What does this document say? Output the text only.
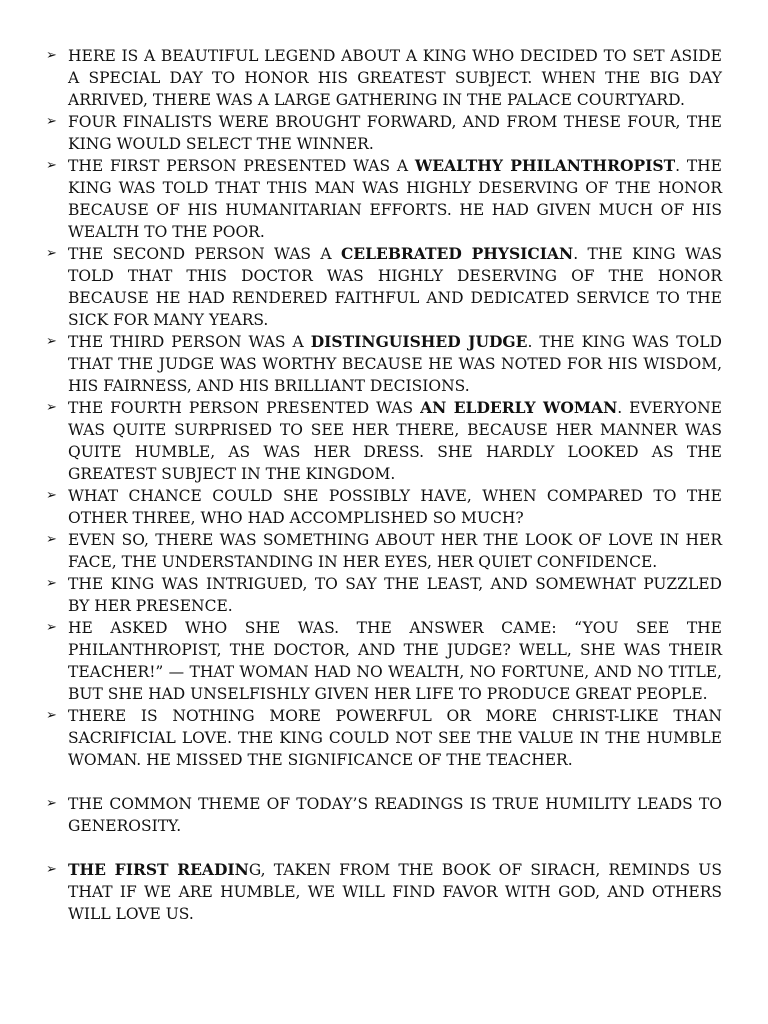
➢ HERE IS A BEAUTIFUL LEGEND ABOUT A KING WHO DECIDED TO SET ASIDE A SPECIAL DAY TO HONOR HIS GREATEST SUBJECT. WHEN THE BIG DAY ARRIVED, THERE WAS A LARGE GATHERING IN THE PALACE COURTYARD.

➢ FOUR FINALISTS WERE BROUGHT FORWARD, AND FROM THESE FOUR, THE KING WOULD SELECT THE WINNER.

➢ THE FIRST PERSON PRESENTED WAS A WEALTHY PHILANTHROPIST. THE KING WAS TOLD THAT THIS MAN WAS HIGHLY DESERVING OF THE HONOR BECAUSE OF HIS HUMANITARIAN EFFORTS. HE HAD GIVEN MUCH OF HIS WEALTH TO THE POOR.

➢ THE SECOND PERSON WAS A CELEBRATED PHYSICIAN. THE KING WAS TOLD THAT THIS DOCTOR WAS HIGHLY DESERVING OF THE HONOR BECAUSE HE HAD RENDERED FAITHFUL AND DEDICATED SERVICE TO THE SICK FOR MANY YEARS.

➢ THE THIRD PERSON WAS A DISTINGUISHED JUDGE. THE KING WAS TOLD THAT THE JUDGE WAS WORTHY BECAUSE HE WAS NOTED FOR HIS WISDOM, HIS FAIRNESS, AND HIS BRILLIANT DECISIONS.

➢ THE FOURTH PERSON PRESENTED WAS AN ELDERLY WOMAN. EVERYONE WAS QUITE SURPRISED TO SEE HER THERE, BECAUSE HER MANNER WAS QUITE HUMBLE, AS WAS HER DRESS. SHE HARDLY LOOKED AS THE GREATEST SUBJECT IN THE KINGDOM.

➢ WHAT CHANCE COULD SHE POSSIBLY HAVE, WHEN COMPARED TO THE OTHER THREE, WHO HAD ACCOMPLISHED SO MUCH?

➢ EVEN SO, THERE WAS SOMETHING ABOUT HER THE LOOK OF LOVE IN HER FACE, THE UNDERSTANDING IN HER EYES, HER QUIET CONFIDENCE.

➢ THE KING WAS INTRIGUED, TO SAY THE LEAST, AND SOMEWHAT PUZZLED BY HER PRESENCE.

➢ HE ASKED WHO SHE WAS. THE ANSWER CAME: “YOU SEE THE PHILANTHROPIST, THE DOCTOR, AND THE JUDGE? WELL, SHE WAS THEIR TEACHER!” — THAT WOMAN HAD NO WEALTH, NO FORTUNE, AND NO TITLE, BUT SHE HAD UNSELFISHLY GIVEN HER LIFE TO PRODUCE GREAT PEOPLE.

➢ THERE IS NOTHING MORE POWERFUL OR MORE CHRIST-LIKE THAN SACRIFICIAL LOVE. THE KING COULD NOT SEE THE VALUE IN THE HUMBLE WOMAN. HE MISSED THE SIGNIFICANCE OF THE TEACHER.

➢ THE COMMON THEME OF TODAY’S READINGS IS TRUE HUMILITY LEADS TO GENEROSITY.

➢ THE FIRST READING, TAKEN FROM THE BOOK OF SIRACH, REMINDS US THAT IF WE ARE HUMBLE, WE WILL FIND FAVOR WITH GOD, AND OTHERS WILL LOVE US.
